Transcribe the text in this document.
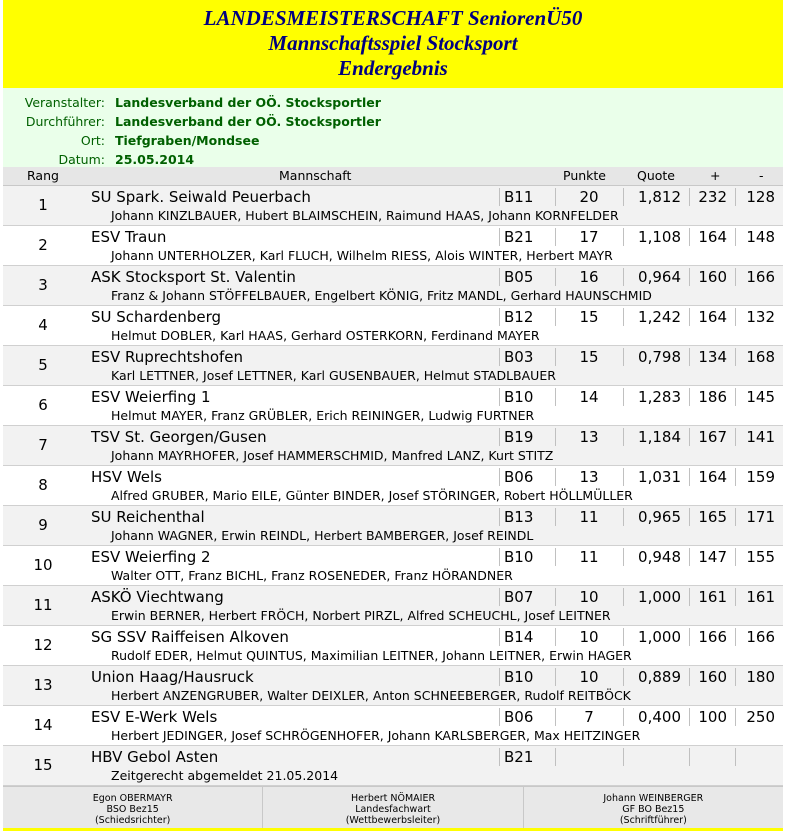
LANDESMEISTERSCHAFT SeniorenÜ50
Mannschaftsspiel Stocksport
Endergebnis
Veranstalter: Landesverband der OÖ. Stocksportler
Durchführer: Landesverband der OÖ. Stocksportler
Ort: Tiefgraben/Mondsee
Datum: 25.05.2014
Rang	Mannschaft	Punkte Quote	+	-
1	SU Spark. Seiwald Peuerbach	B11	20	1,812	232	128
Johann KINZLBAUER, Hubert BLAIMSCHEIN, Raimund HAAS, Johann KORNFELDER
2	ESV Traun	B21	17	1,108	164	148
Johann UNTERHOLZER, Karl FLUCH, Wilhelm RIESS, Alois WINTER, Herbert MAYR
3	ASK Stocksport St. Valentin	B05	16	0,964	160	166
Franz & Johann STÖFFELBAUER, Engelbert KÖNIG, Fritz MANDL, Gerhard HAUNSCHMID
4	SU Schardenberg	B12	15	1,242	164	132
Helmut DOBLER, Karl HAAS, Gerhard OSTERKORN, Ferdinand MAYER
5	ESV Ruprechtshofen	B03	15	0,798	134	168
Karl LETTNER, Josef LETTNER, Karl GUSENBAUER, Helmut STADLBAUER
6	ESV Weierfing 1	B10	14	1,283	186	145
Helmut MAYER, Franz GRÜBLER, Erich REININGER, Ludwig FURTNER
7	TSV St. Georgen/Gusen	B19	13	1,184	167	141
Johann MAYRHOFER, Josef HAMMERSCHMID, Manfred LANZ, Kurt STITZ
8	HSV Wels	B06	13	1,031	164	159
Alfred GRUBER, Mario EILE, Günter BINDER, Josef STÖRINGER, Robert HÖLLMÜLLER
9	SU Reichenthal	B13	11	0,965	165	171
Johann WAGNER, Erwin REINDL, Herbert BAMBERGER, Josef REINDL
10	ESV Weierfing 2	B10	11	0,948	147	155
Walter OTT, Franz BICHL, Franz ROSENEDER, Franz HÖRANDNER
11	ASKÖ Viechtwang	B07	10	1,000	161	161
Erwin BERNER, Herbert FRÖCH, Norbert PIRZL, Alfred SCHEUCHL, Josef LEITNER
12	SG SSV Raiffeisen Alkoven	B14	10	1,000	166	166
Rudolf EDER, Helmut QUINTUS, Maximilian LEITNER, Johann LEITNER, Erwin HAGER
13	Union Haag/Hausruck	B10	10	0,889	160	180
Herbert ANZENGRUBER, Walter DEIXLER, Anton SCHNEEBERGER, Rudolf REITBÖCK
14	ESV E-Werk Wels	B06	7	0,400	100	250
Herbert JEDINGER, Josef SCHRÖGENHOFER, Johann KARLSBERGER, Max HEITZINGER
15	HBV Gebol Asten	B21
Zeitgerecht abgemeldet 21.05.2014
Egon OBERMAYR
BSO Bez15
(Schiedsrichter)
Herbert NÖMAIER
Landesfachwart
(Wettbewerbsleiter)
Johann WEINBERGER
GF BO Bez15
(Schriftführer)
